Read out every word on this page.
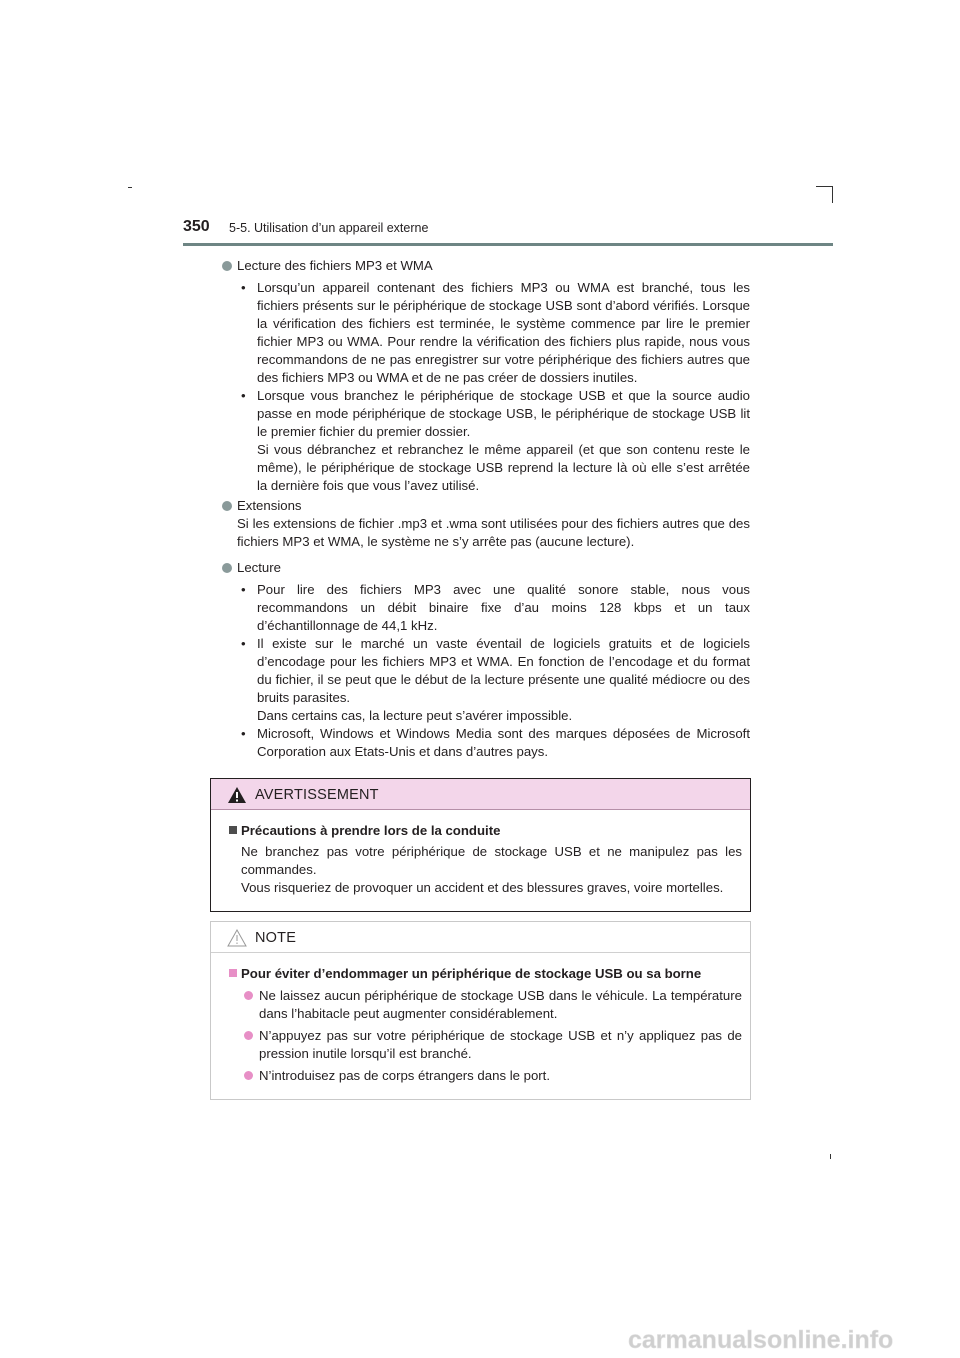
350 5-5. Utilisation d’un appareil externe
Lecture des fichiers MP3 et WMA
• Lorsqu’un appareil contenant des fichiers MP3 ou WMA est branché, tous les fichiers présents sur le périphérique de stockage USB sont d’abord vérifiés. Lorsque la vérification des fichiers est terminée, le système commence par lire le premier fichier MP3 ou WMA. Pour rendre la vérification des fichiers plus rapide, nous vous recommandons de ne pas enregistrer sur votre périphérique des fichiers autres que des fichiers MP3 ou WMA et de ne pas créer de dossiers inutiles.
• Lorsque vous branchez le périphérique de stockage USB et que la source audio passe en mode périphérique de stockage USB, le périphérique de stockage USB lit le premier fichier du premier dossier.
Si vous débranchez et rebranchez le même appareil (et que son contenu reste le même), le périphérique de stockage USB reprend la lecture là où elle s’est arrêtée la dernière fois que vous l’avez utilisé.
Extensions
Si les extensions de fichier .mp3 et .wma sont utilisées pour des fichiers autres que des fichiers MP3 et WMA, le système ne s’y arrête pas (aucune lecture).
Lecture
• Pour lire des fichiers MP3 avec une qualité sonore stable, nous vous recommandons un débit binaire fixe d’au moins 128 kbps et un taux d’échantillonnage de 44,1 kHz.
• Il existe sur le marché un vaste éventail de logiciels gratuits et de logiciels d’encodage pour les fichiers MP3 et WMA. En fonction de l’encodage et du format du fichier, il se peut que le début de la lecture présente une qualité médiocre ou des bruits parasites.
Dans certains cas, la lecture peut s’avérer impossible.
• Microsoft, Windows et Windows Media sont des marques déposées de Microsoft Corporation aux Etats-Unis et dans d’autres pays.
AVERTISSEMENT
Précautions à prendre lors de la conduite
Ne branchez pas votre périphérique de stockage USB et ne manipulez pas les commandes.
Vous risqueriez de provoquer un accident et des blessures graves, voire mortelles.
NOTE
Pour éviter d’endommager un périphérique de stockage USB ou sa borne
Ne laissez aucun périphérique de stockage USB dans le véhicule. La température dans l’habitacle peut augmenter considérablement.
N’appuyez pas sur votre périphérique de stockage USB et n’y appliquez pas de pression inutile lorsqu’il est branché.
N’introduisez pas de corps étrangers dans le port.
carmanualsonline.info
